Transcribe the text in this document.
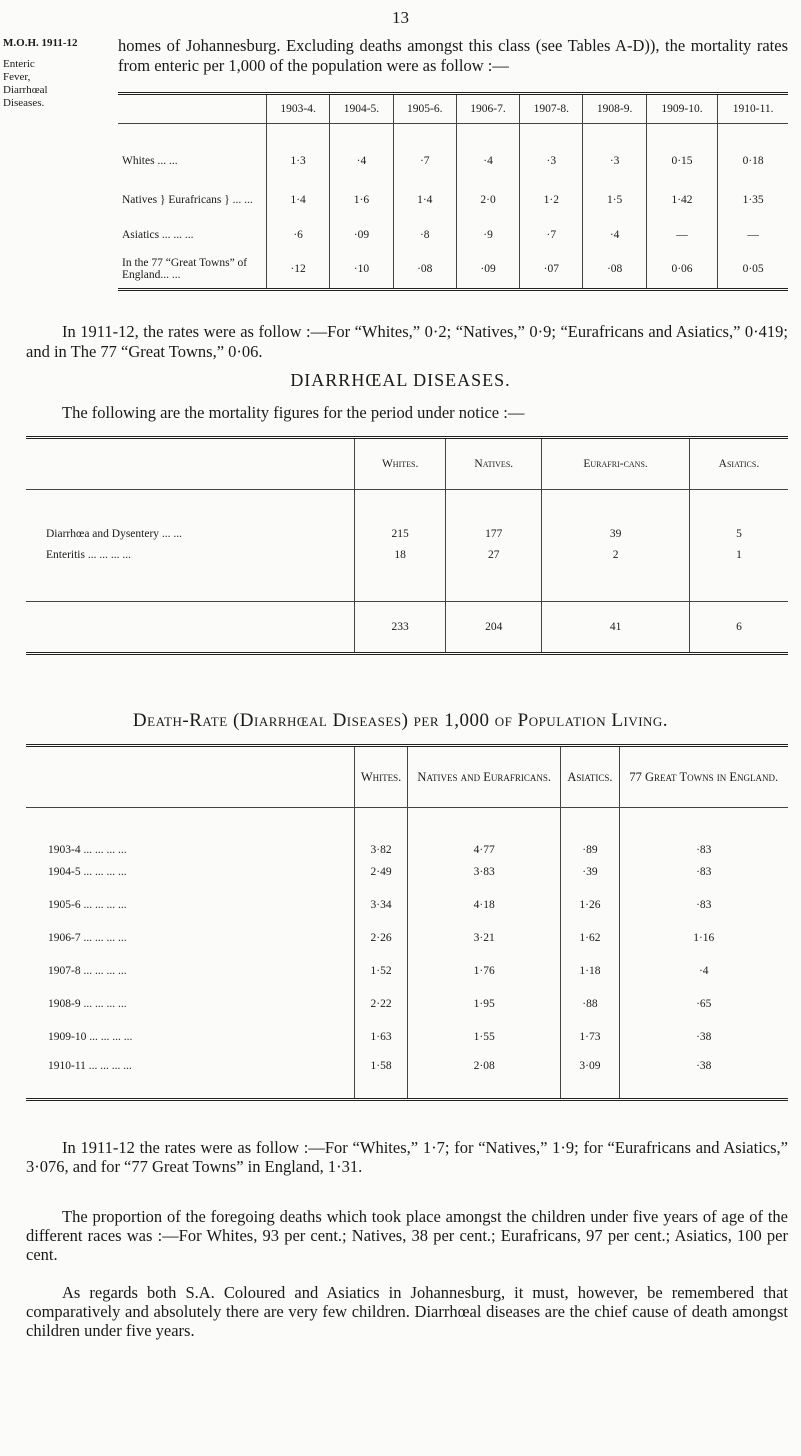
13
M.O.H. 1911-12
Enteric
Fever,
Diarrhœal
Diseases.
homes of Johannesburg. Excluding deaths amongst this class (see Tables A-D)), the mortality rates from enteric per 1,000 of the population were as follow :—
	1903-4.	1904-5.	1905-6.	1906-7.	1907-8.	1908-9.	1909-10.	1910-11.

Whites ... ...	1·3	·4	·7	·4	·3	·3	0·15	0·18
Natives } Eurafricans } ... ...	1·4	1·6	1·4	2·0	1·2	1·5	1·42	1·35
Asiatics ... ... ...	·6	·09	·8	·9	·7	·4	—	—
In the 77 “Great Towns” of England... ...	·12	·10	·08	·09	·07	·08	0·06	0·05
In 1911-12, the rates were as follow :—For “Whites,” 0·2; “Natives,” 0·9; “Eurafricans and Asiatics,” 0·419; and in The 77 “Great Towns,” 0·06.
DIARRHŒAL DISEASES.
The following are the mortality figures for the period under notice :—
	Whites.	Natives.	Eurafri-cans.	Asiatics.
Diarrhœa and Dysentery ... ...	215	177	39	5
Enteritis ... ... ... ...	18	27	2	1

	233	204	41	6
Death-Rate (Diarrhœal Diseases) per 1,000 of Population Living.
	Whites.	Natives and Eurafricans.	Asiatics.	77 Great Towns in England.
1903-4 ... ... ... ...	3·82	4·77	·89	·83
1904-5 ... ... ... ...	2·49	3·83	·39	·83
1905-6 ... ... ... ...	3·34	4·18	1·26	·83
1906-7 ... ... ... ...	2·26	3·21	1·62	1·16
1907-8 ... ... ... ...	1·52	1·76	1·18	·4
1908-9 ... ... ... ...	2·22	1·95	·88	·65
1909-10 ... ... ... ...	1·63	1·55	1·73	·38
1910-11 ... ... ... ...	1·58	2·08	3·09	·38
In 1911-12 the rates were as follow :—For “Whites,” 1·7; for “Natives,” 1·9; for “Eurafricans and Asiatics,” 3·076, and for “77 Great Towns” in England, 1·31.
The proportion of the foregoing deaths which took place amongst the children under five years of age of the different races was :—For Whites, 93 per cent.; Natives, 38 per cent.; Eurafricans, 97 per cent.; Asiatics, 100 per cent.
As regards both S.A. Coloured and Asiatics in Johannesburg, it must, however, be remembered that comparatively and absolutely there are very few children. Diarrhœal diseases are the chief cause of death amongst children under five years.
